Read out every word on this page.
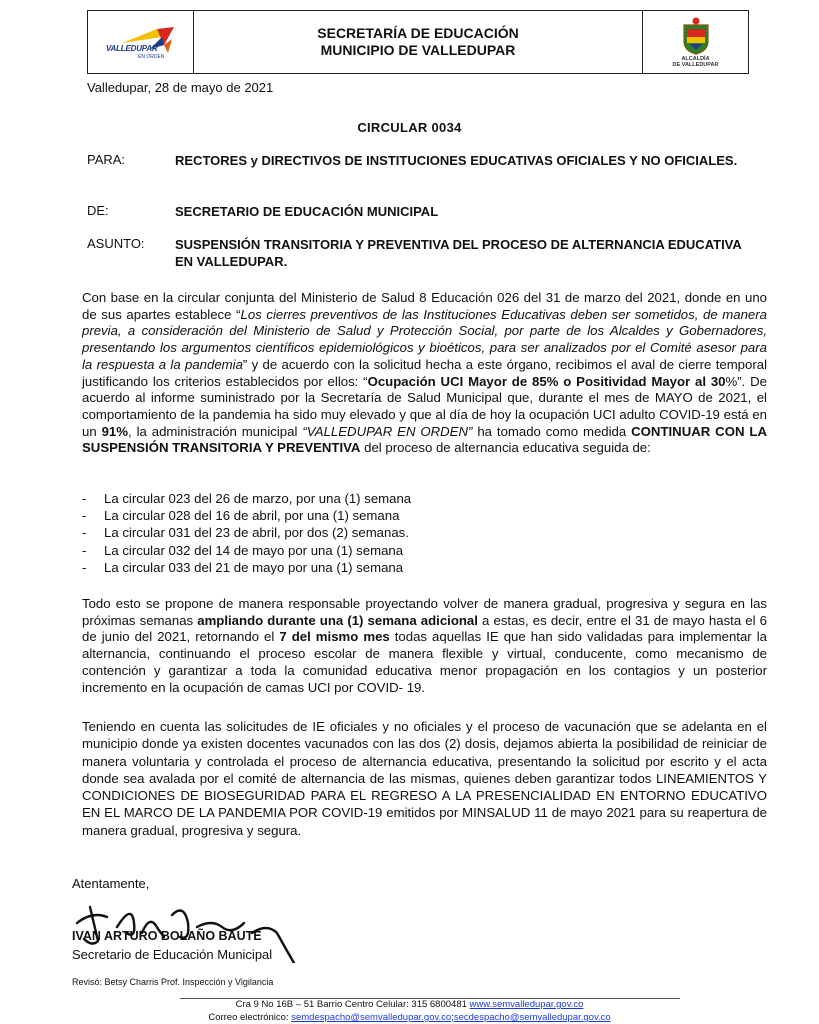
VALLEDUPAR
EN ORDEN
SECRETARÍA DE EDUCACIÓN
MUNICIPIO DE VALLEDUPAR
ALCALDÍA
DE VALLEDUPAR
Valledupar, 28 de mayo de 2021
CIRCULAR 0034
PARA:	RECTORES y DIRECTIVOS DE INSTITUCIONES EDUCATIVAS OFICIALES Y NO OFICIALES.
DE:	SECRETARIO DE EDUCACIÓN MUNICIPAL
ASUNTO:	SUSPENSIÓN TRANSITORIA Y PREVENTIVA DEL PROCESO DE ALTERNANCIA EDUCATIVA EN VALLEDUPAR.
Con base en la circular conjunta del Ministerio de Salud 8 Educación 026 del 31 de marzo del 2021, donde en uno de sus apartes establece “Los cierres preventivos de las Instituciones Educativas deben ser sometidos, de manera previa, a consideración del Ministerio de Salud y Protección Social, por parte de los Alcaldes y Gobernadores, presentando los argumentos científicos epidemiológicos y bioéticos, para ser analizados por el Comité asesor para la respuesta a la pandemia” y de acuerdo con la solicitud hecha a este órgano, recibimos el aval de cierre temporal justificando los criterios establecidos por ellos: “Ocupación UCI Mayor de 85% o Positividad Mayor al 30%”. De acuerdo al informe suministrado por la Secretaría de Salud Municipal que, durante el mes de MAYO de 2021, el comportamiento de la pandemia ha sido muy elevado y que al día de hoy la ocupación UCI adulto COVID-19 está en un 91%, la administración municipal “VALLEDUPAR EN ORDEN” ha tomado como medida CONTINUAR CON LA SUSPENSIÓN TRANSITORIA Y PREVENTIVA del proceso de alternancia educativa seguida de:
-	La circular 023 del 26 de marzo, por una (1) semana
-	La circular 028 del 16 de abril, por una (1) semana
-	La circular 031 del 23 de abril, por dos (2) semanas.
-	La circular 032 del 14 de mayo por una (1) semana
-	La circular 033 del 21 de mayo por una (1) semana
Todo esto se propone de manera responsable proyectando volver de manera gradual, progresiva y segura en las próximas semanas ampliando durante una (1) semana adicional a estas, es decir, entre el 31 de mayo hasta el 6 de junio del 2021, retornando el 7 del mismo mes todas aquellas IE que han sido validadas para implementar la alternancia, continuando el proceso escolar de manera flexible y virtual, conducente, como mecanismo de contención y garantizar a toda la comunidad educativa menor propagación en los contagios y un posterior incremento en la ocupación de camas UCI por COVID- 19.
Teniendo en cuenta las solicitudes de IE oficiales y no oficiales y el proceso de vacunación que se adelanta en el municipio donde ya existen docentes vacunados con las dos (2) dosis, dejamos abierta la posibilidad de reiniciar de manera voluntaria y controlada el proceso de alternancia educativa, presentando la solicitud por escrito y el acta donde sea avalada por el comité de alternancia de las mismas, quienes deben garantizar todos LINEAMIENTOS Y CONDICIONES DE BIOSEGURIDAD PARA EL REGRESO A LA PRESENCIALIDAD EN ENTORNO EDUCATIVO EN EL MARCO DE LA PANDEMIA POR COVID-19 emitidos por MINSALUD 11 de mayo 2021 para su reapertura de manera gradual, progresiva y segura.
Atentamente,
IVAN ARTURO BOLAÑO BAUTE
Secretario de Educación Municipal
Revisó: Betsy Charris Prof. Inspección y Vigilancia
Cra 9 No 16B – 51 Barrio Centro Celular: 315 6800481 www.semvalledupar.gov.co
Correo electrónico: semdespacho@semvalledupar.gov.co;secdespacho@semvalledupar.gov.co
